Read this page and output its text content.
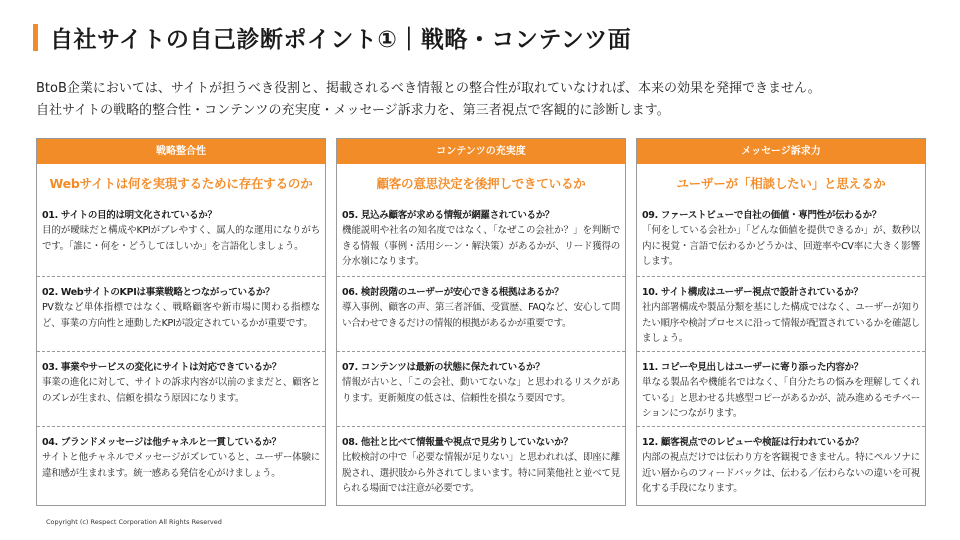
自社サイトの自己診断ポイント①｜戦略・コンテンツ面

BtoB企業においては、サイトが担うべき役割と、掲載されるべき情報との整合性が取れていなければ、本来の効果を発揮できません。

自社サイトの戦略的整合性・コンテンツの充実度・メッセージ訴求力を、第三者視点で客観的に診断します。

戦略整合性
Webサイトは何を実現するために存在するのか
01. サイトの目的は明文化されているか？
目的が曖昧だと構成やKPIがブレやすく、属人的な運用になりがちです。「誰に・何を・どうしてほしいか」を言語化しましょう。
02. WebサイトのKPIは事業戦略とつながっているか？
PV数など単体指標ではなく、戦略顧客や新市場に関わる指標など、事業の方向性と連動したKPIが設定されているかが重要です。
03. 事業やサービスの変化にサイトは対応できているか？
事業の進化に対して、サイトの訴求内容が以前のままだと、顧客とのズレが生まれ、信頼を損なう原因になります。
04. ブランドメッセージは他チャネルと一貫しているか？
サイトと他チャネルでメッセージがズレていると、ユーザー体験に違和感が生まれます。統一感ある発信を心がけましょう。
コンテンツの充実度
顧客の意思決定を後押しできているか
05. 見込み顧客が求める情報が網羅されているか？
機能説明や社名の知名度ではなく、「なぜこの会社か？」を判断できる情報（事例・活用シーン・解決策）があるかが、リード獲得の分水嶺になります。
06. 検討段階のユーザーが安心できる根拠はあるか？
導入事例、顧客の声、第三者評価、受賞歴、FAQなど、安心して問い合わせできるだけの情報的根拠があるかが重要です。
07. コンテンツは最新の状態に保たれているか？
情報が古いと、「この会社、動いてないな」と思われるリスクがあります。更新頻度の低さは、信頼性を損なう要因です。
08. 他社と比べて情報量や視点で見劣りしていないか？
比較検討の中で「必要な情報が足りない」と思われれば、即座に離脱され、選択肢から外されてしまいます。特に同業他社と並べて見られる場面では注意が必要です。
メッセージ訴求力
ユーザーが「相談したい」と思えるか
09. ファーストビューで自社の価値・専門性が伝わるか？
「何をしている会社か」「どんな価値を提供できるか」が、数秒以内に視覚・言語で伝わるかどうかは、回遊率やCV率に大きく影響します。
10. サイト構成はユーザー視点で設計されているか？
社内部署構成や製品分類を基にした構成ではなく、ユーザーが知りたい順序や検討プロセスに沿って情報が配置されているかを確認しましょう。
11. コピーや見出しはユーザーに寄り添った内容か？
単なる製品名や機能名ではなく、「自分たちの悩みを理解してくれている」と思わせる共感型コピーがあるかが、読み進めるモチベーションにつながります。
12. 顧客視点でのレビューや検証は行われているか？
内部の視点だけでは伝わり方を客観視できません。特にペルソナに近い層からのフィードバックは、伝わる／伝わらないの違いを可視化する手段になります。
Copyright (c) Respect Corporation All Rights Reserved
